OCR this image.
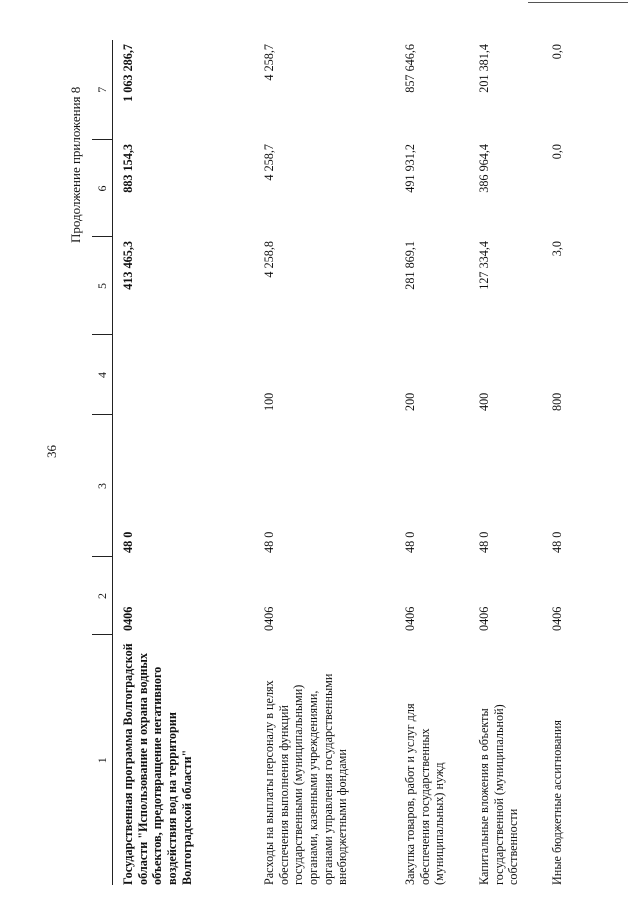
36
Продолжение приложения 8
1	2	3	4	5	6	7
Государственная программа Волгоградской области "Использование и охрана водных объектов, предотвращение негативного воздействия вод на территории Волгоградской области"	0406	48 0		413 465,3	883 154,3	1 063 286,7
Расходы на выплаты персоналу в целях обеспечения выполнения функций государственными (муниципальными) органами, казенными учреждениями, органами управления государственными внебюджетными фондами	0406	48 0	100	4 258,8	4 258,7	4 258,7
Закупка товаров, работ и услуг для обеспечения государственных (муниципальных) нужд	0406	48 0	200	281 869,1	491 931,2	857 646,6
Капитальные вложения в объекты государственной (муниципальной) собственности	0406	48 0	400	127 334,4	386 964,4	201 381,4
Иные бюджетные ассигнования	0406	48 0	800	3,0	0,0	0,0
